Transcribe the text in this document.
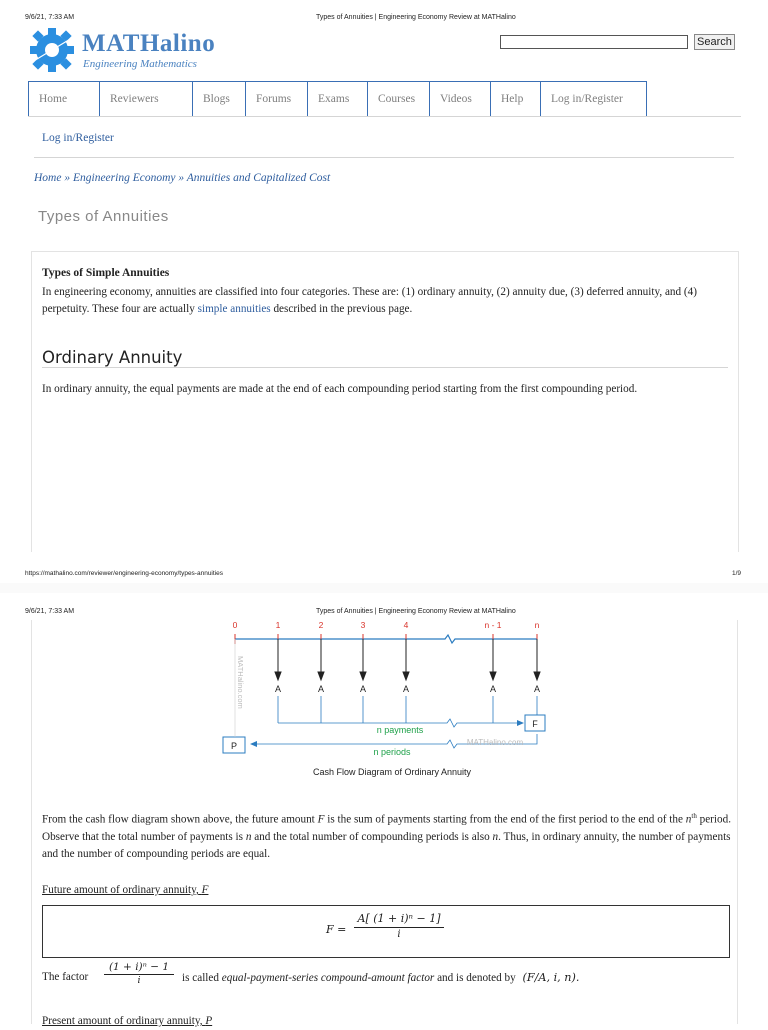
9/6/21, 7:33 AM	Types of Annuities | Engineering Economy Review at MATHalino
MATHalino
Engineering Mathematics
Search
Home	Reviewers	Blogs	Forums	Exams	Courses	Videos	Help	Log in/Register
Log in/Register
Home » Engineering Economy » Annuities and Capitalized Cost
Types of Annuities
Types of Simple Annuities
In engineering economy, annuities are classified into four categories. These are: (1) ordinary annuity, (2) annuity due, (3) deferred annuity, and (4) perpetuity. These four are actually simple annuities described in the previous page.
Ordinary Annuity
In ordinary annuity, the equal payments are made at the end of each compounding period starting from the first compounding period.
https://mathalino.com/reviewer/engineering-economy/types-annuities	1/9
9/6/21, 7:33 AM	Types of Annuities | Engineering Economy Review at MATHalino
0	1	2	3	4	n - 1	n
A	A	A	A	A	A
MATHalino.com
n payments
F
n periods
MATHalino.com
P
Cash Flow Diagram of Ordinary Annuity
From the cash flow diagram shown above, the future amount F is the sum of payments starting from the end of the first period to the end of the $n^{th}$ period. Observe that the total number of payments is n and the total number of compounding periods is also n. Thus, in ordinary annuity, the number of payments and the number of compounding periods are equal.
Future amount of ordinary annuity, F
$F = \frac{\text{A[ (1 + i)ⁿ − 1]}}{i}$
The factor $\frac{\text{(1 + i)ⁿ − 1}}{i}$ is called equal-payment-series compound-amount factor and is denoted by (F/A, i, n).
Present amount of ordinary annuity, P
